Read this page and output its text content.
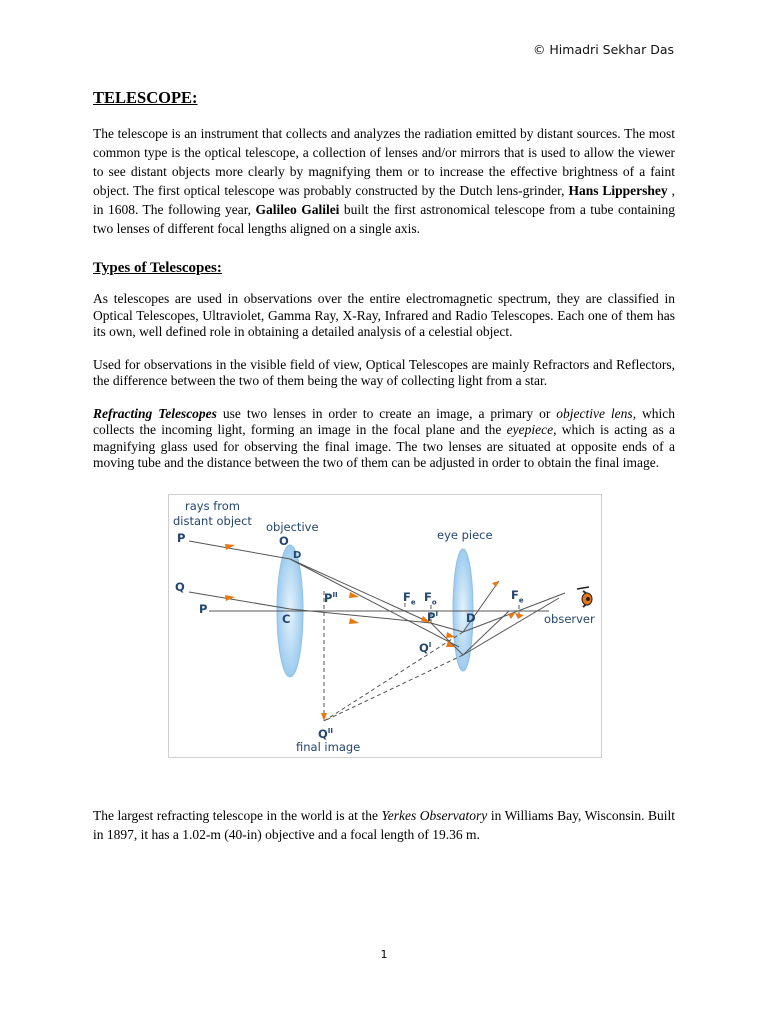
© Himadri Sekhar Das
TELESCOPE:

The telescope is an instrument that collects and analyzes the radiation emitted by distant sources. The most common type is the optical telescope, a collection of lenses and/or mirrors that is used to allow the viewer to see distant objects more clearly by magnifying them or to increase the effective brightness of a faint object. The first optical telescope was probably constructed by the Dutch lens-grinder, Hans Lippershey , in 1608. The following year, Galileo Galilei built the first astronomical telescope from a tube containing two lenses of different focal lengths aligned on a single axis.

Types of Telescopes:

As telescopes are used in observations over the entire electromagnetic spectrum, they are classified in Optical Telescopes, Ultraviolet, Gamma Ray, X-Ray, Infrared and Radio Telescopes. Each one of them has its own, well defined role in obtaining a detailed analysis of a celestial object.

Used for observations in the visible field of view, Optical Telescopes are mainly Refractors and Reflectors, the difference between the two of them being the way of collecting light from a star.

Refracting Telescopes use two lenses in order to create an image, a primary or objective lens, which collects the incoming light, forming an image in the focal plane and the eyepiece, which is acting as a magnifying glass used for observing the final image. The two lenses are situated at opposite ends of a moving tube and the distance between the two of them can be adjusted in order to obtain the final image.

rays from
distant object
P
Q
P
objective
O
D
C
$P^{II}$
eye piece
$F_e$ $F_o$
$P^I$
$Q^I$
D
$F_e$
observer
$Q^{II}$
final image

The largest refracting telescope in the world is at the Yerkes Observatory in Williams Bay, Wisconsin. Built in 1897, it has a 1.02-m (40-in) objective and a focal length of 19.36 m.

1
